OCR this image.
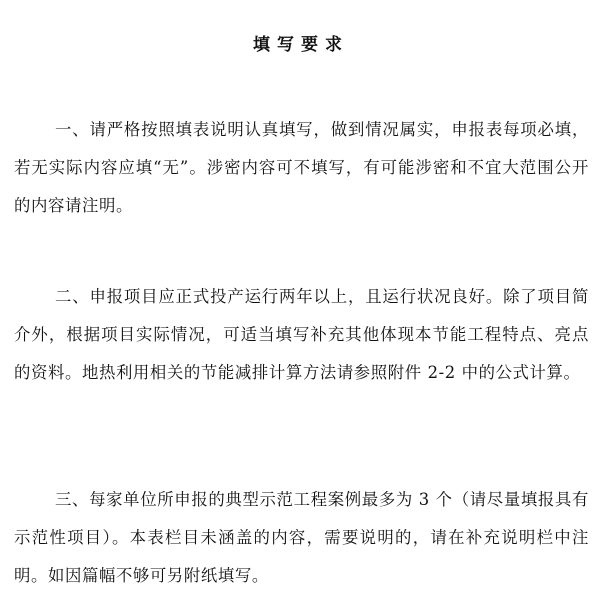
填写要求

一、请严格按照填表说明认真填写，做到情况属实，申报表每项必填，若无实际内容应填“无”。涉密内容可不填写，有可能涉密和不宜大范围公开的内容请注明。

二、申报项目应正式投产运行两年以上，且运行状况良好。除了项目简介外，根据项目实际情况，可适当填写补充其他体现本节能工程特点、亮点的资料。地热利用相关的节能减排计算方法请参照附件 2-2 中的公式计算。

三、每家单位所申报的典型示范工程案例最多为 3 个（请尽量填报具有示范性项目）。本表栏目未涵盖的内容，需要说明的，请在补充说明栏中注明。如因篇幅不够可另附纸填写。
